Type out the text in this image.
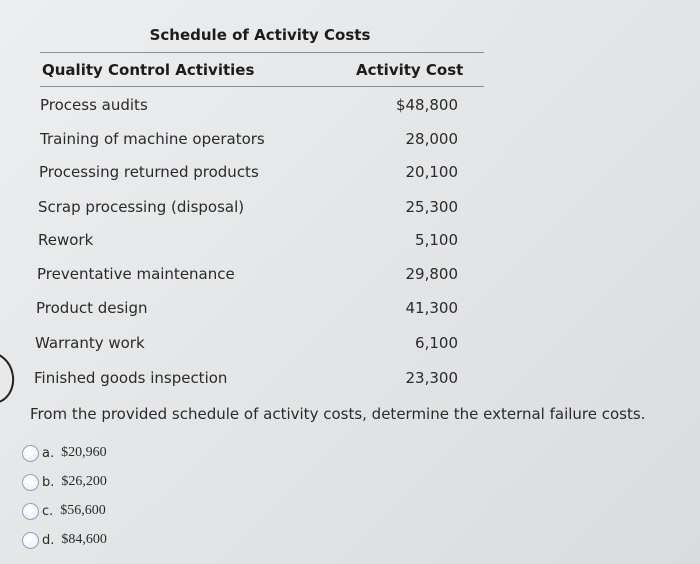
Schedule of Activity Costs
Quality Control Activities	Activity Cost
Process audits	$48,800
Training of machine operators	28,000
Processing returned products	20,100
Scrap processing (disposal)	25,300
Rework	5,100
Preventative maintenance	29,800
Product design	41,300
Warranty work	6,100
Finished goods inspection	23,300
From the provided schedule of activity costs, determine the external failure costs.
a. $20,960
b. $26,200
c. $56,600
d. $84,600
